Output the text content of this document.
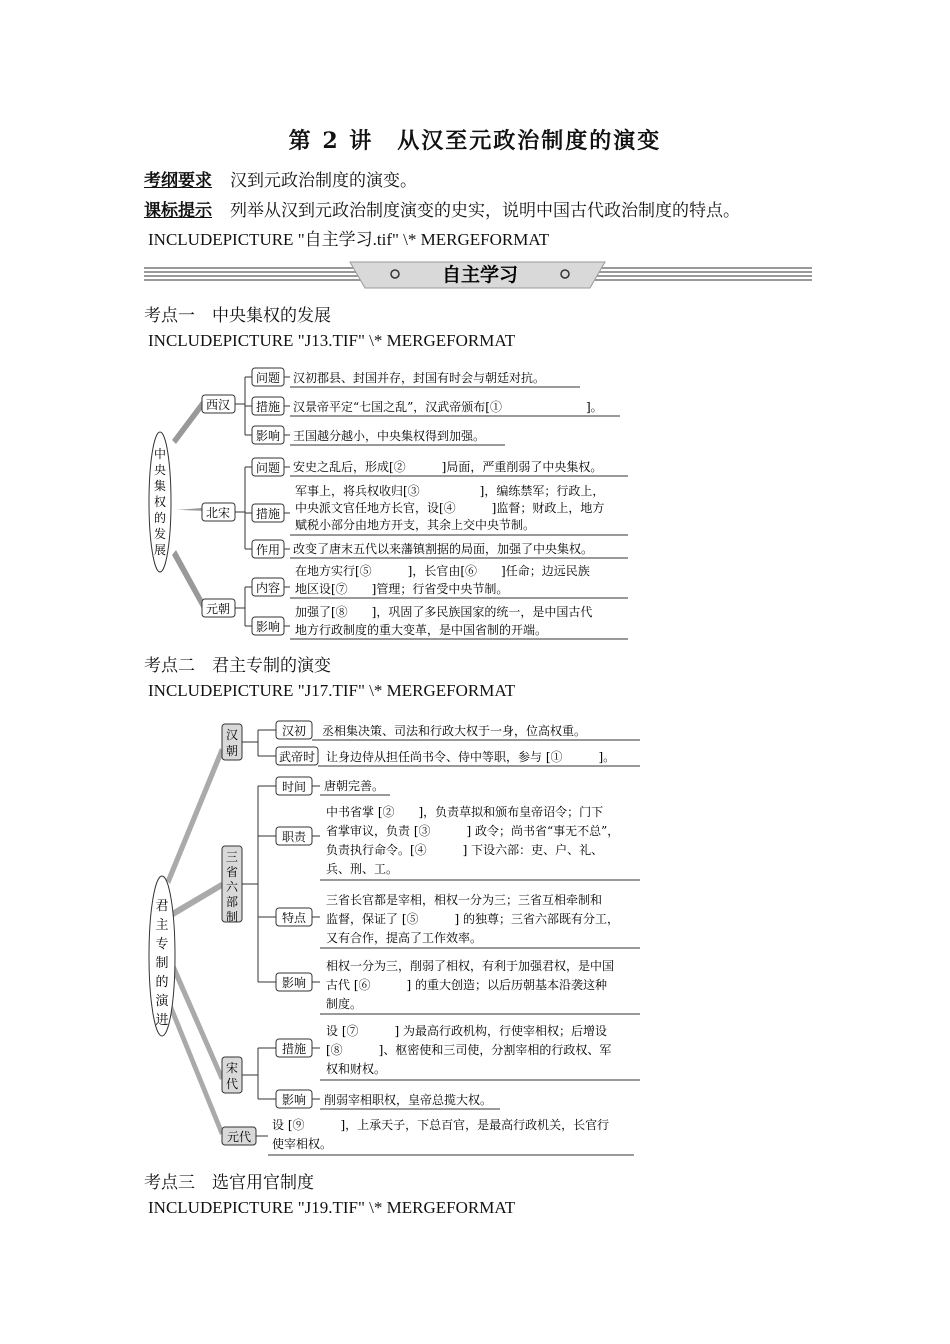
第 2 讲　从汉至元政治制度的演变
考纲要求 汉到元政治制度的演变。
课标提示 列举从汉到元政治制度演变的史实，说明中国古代政治制度的特点。
INCLUDEPICTURE "自主学习.tif" \* MERGEFORMAT
自主学习
考点一　中央集权的发展
INCLUDEPICTURE "J13.TIF" \* MERGEFORMAT
中
央
集
权
的
发
展
西汉
问题
措施
影响
汉初郡县、封国并存，封国有时会与朝廷对抗。
汉景帝平定“七国之乱”，汉武帝颁布[①　　　　　　　]。
王国越分越小，中央集权得到加强。
北宋
问题
措施
作用
安史之乱后，形成[②　　　]局面，严重削弱了中央集权。
军事上，将兵权收归[③　　　　　]，编练禁军；行政上，
中央派文官任地方长官，设[④　　　]监督；财政上，地方
赋税小部分由地方开支，其余上交中央节制。
改变了唐末五代以来藩镇割据的局面，加强了中央集权。
元朝
内容
影响
在地方实行[⑤　　　]，长官由[⑥　　]任命；边远民族
地区设[⑦　　]管理；行省受中央节制。
加强了[⑧　　]，巩固了多民族国家的统一，是中国古代
地方行政制度的重大变革，是中国省制的开端。
考点二　君主专制的演变
INCLUDEPICTURE "J17.TIF" \* MERGEFORMAT
君
主
专
制
的
演
进
汉
朝
汉初
武帝时
丞相集决策、司法和行政大权于一身，位高权重。
让身边侍从担任尚书令、侍中等职，参与 [①　　　]。
三
省
六
部
制
时间
职责
特点
影响
唐朝完善。
中书省掌 [②　　]，负责草拟和颁布皇帝诏令；门下
省掌审议，负责 [③　　　] 政令；尚书省“事无不总”，
负责执行命令。[④　　　] 下设六部：吏、户、礼、
兵、刑、工。
三省长官都是宰相，相权一分为三；三省互相牵制和
监督，保证了 [⑤　　　] 的独尊；三省六部既有分工，
又有合作，提高了工作效率。
相权一分为三，削弱了相权，有利于加强君权，是中国
古代 [⑥　　　] 的重大创造；以后历朝基本沿袭这种
制度。
宋
代
措施
影响
设 [⑦　　　] 为最高行政机构，行使宰相权；后增设
[⑧　　　]、枢密使和三司使，分割宰相的行政权、军
权和财权。
削弱宰相职权，皇帝总揽大权。
元代
设 [⑨　　　]，上承天子，下总百官，是最高行政机关，长官行
使宰相权。
考点三　选官用官制度
INCLUDEPICTURE "J19.TIF" \* MERGEFORMAT
